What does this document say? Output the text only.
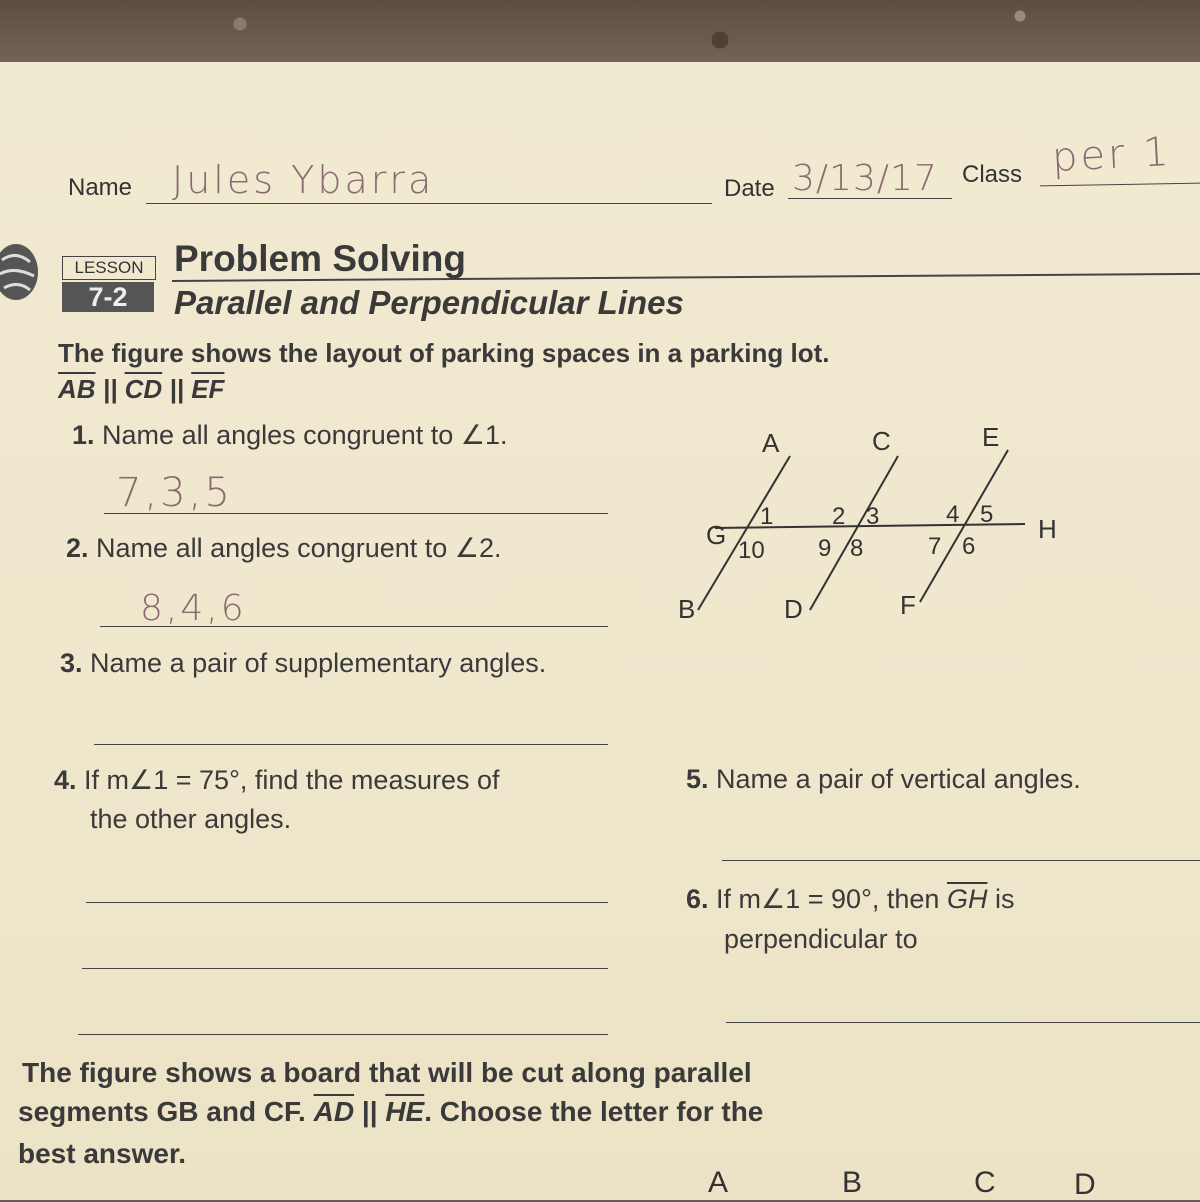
Name Jules Ybarra	Date 3/13/17 Class per 1
LESSON
7-2
Problem Solving
Parallel and Perpendicular Lines
The figure shows the layout of parking spaces in a parking lot.
$\overline{AB}$ || $\overline{CD}$ || $\overline{EF}$
1. Name all angles congruent to ∠1.
7,3,5
2. Name all angles congruent to ∠2.
8,4,6
3. Name a pair of supplementary angles.
4. If m∠1 = 75°, find the measures of
the other angles.
5. Name a pair of vertical angles.
6. If m∠1 = 90°, then $\overline{GH}$ is
perpendicular to
A	C	E
B	D	F
G	H
1
10
2 3
9 8
4 5
7 6
The figure shows a board that will be cut along parallel
segments GB and CF. $\overline{AD}$ || $\overline{HE}$. Choose the letter for the
best answer.
A	B	C	D
